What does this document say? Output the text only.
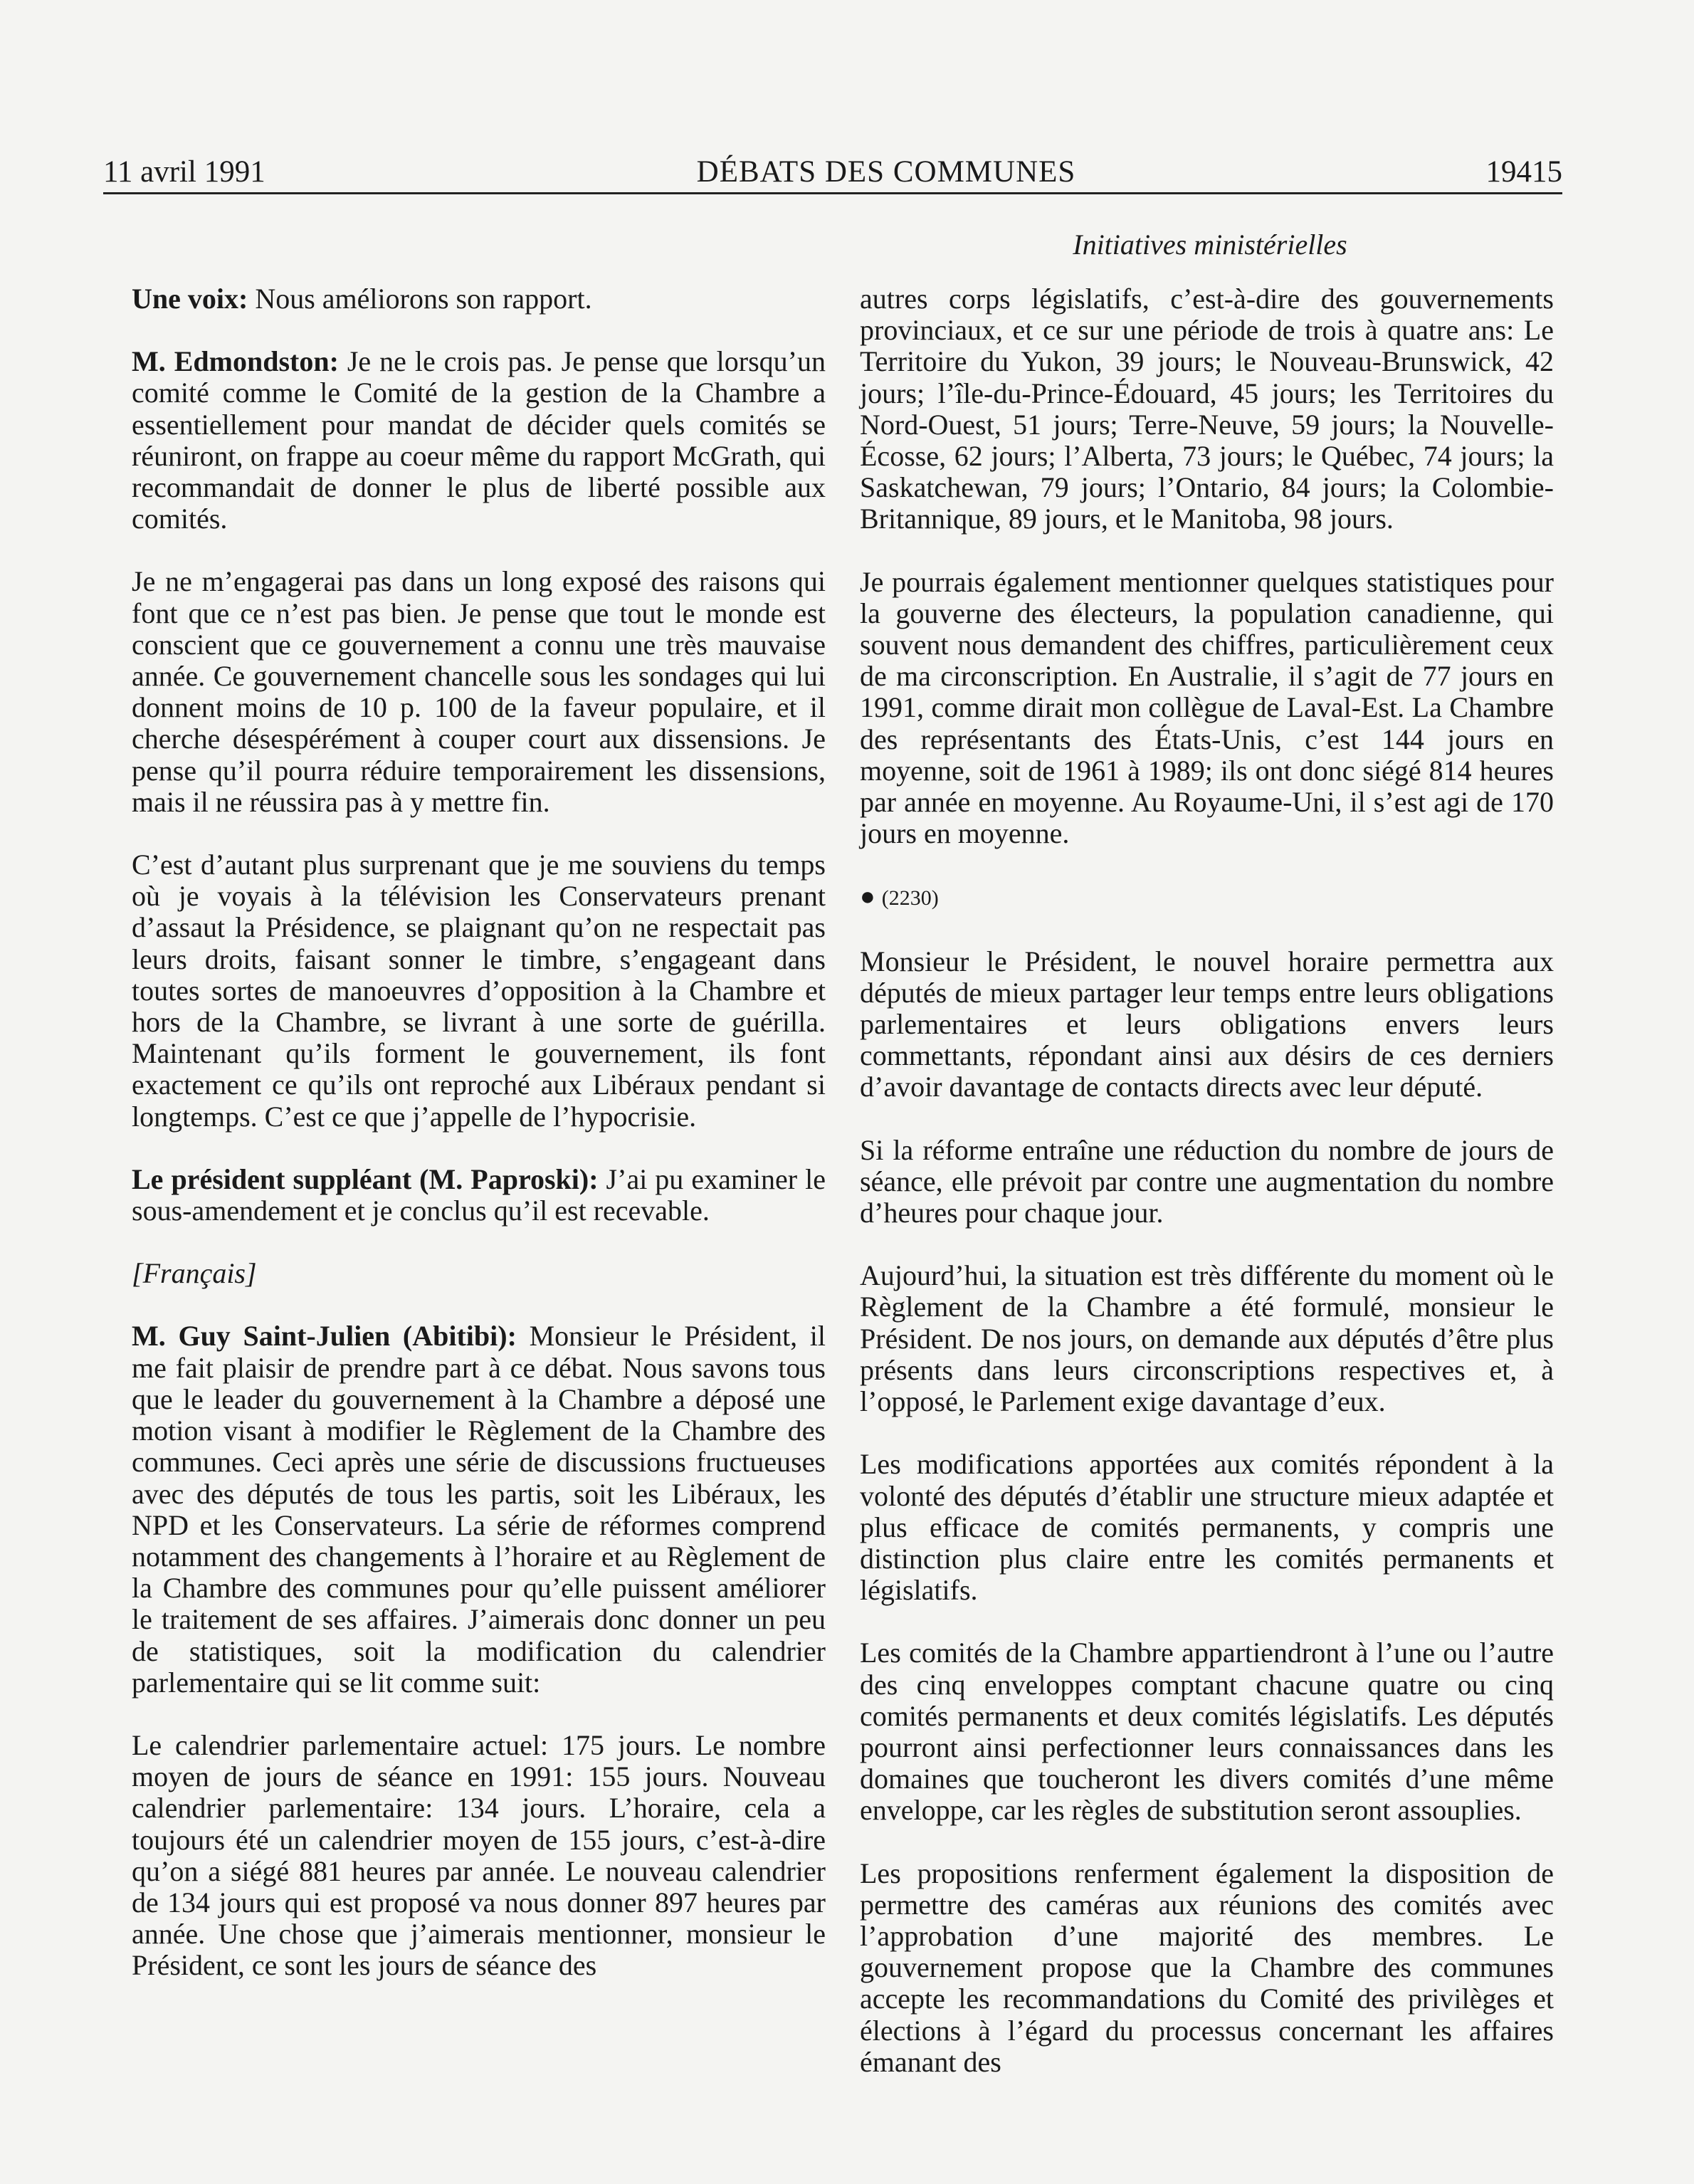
11 avril 1991	DÉBATS DES COMMUNES	19415
Initiatives ministérielles

Une voix: Nous améliorons son rapport.

M. Edmondston: Je ne le crois pas. Je pense que lorsqu’un comité comme le Comité de la gestion de la Chambre a essentiellement pour mandat de décider quels comités se réuniront, on frappe au coeur même du rapport McGrath, qui recommandait de donner le plus de liberté possible aux comités.

Je ne m’engagerai pas dans un long exposé des raisons qui font que ce n’est pas bien. Je pense que tout le monde est conscient que ce gouvernement a connu une très mauvaise année. Ce gouvernement chancelle sous les sondages qui lui donnent moins de 10 p. 100 de la faveur populaire, et il cherche désespérément à couper court aux dissensions. Je pense qu’il pourra réduire temporairement les dissensions, mais il ne réussira pas à y mettre fin.

C’est d’autant plus surprenant que je me souviens du temps où je voyais à la télévision les Conservateurs prenant d’assaut la Présidence, se plaignant qu’on ne respectait pas leurs droits, faisant sonner le timbre, s’engageant dans toutes sortes de manoeuvres d’opposition à la Chambre et hors de la Chambre, se livrant à une sorte de guérilla. Maintenant qu’ils forment le gouvernement, ils font exactement ce qu’ils ont reproché aux Libéraux pendant si longtemps. C’est ce que j’appelle de l’hypocrisie.

Le président suppléant (M. Paproski): J’ai pu examiner le sous-amendement et je conclus qu’il est recevable.

[Français]

M. Guy Saint-Julien (Abitibi): Monsieur le Président, il me fait plaisir de prendre part à ce débat. Nous savons tous que le leader du gouvernement à la Chambre a déposé une motion visant à modifier le Règlement de la Chambre des communes. Ceci après une série de discussions fructueuses avec des députés de tous les partis, soit les Libéraux, les NPD et les Conservateurs. La série de réformes comprend notamment des changements à l’horaire et au Règlement de la Chambre des communes pour qu’elle puissent améliorer le traitement de ses affaires. J’aimerais donc donner un peu de statistiques, soit la modification du calendrier parlementaire qui se lit comme suit:

Le calendrier parlementaire actuel: 175 jours. Le nombre moyen de jours de séance en 1991: 155 jours. Nouveau calendrier parlementaire: 134 jours. L’horaire, cela a toujours été un calendrier moyen de 155 jours, c’est-à-dire qu’on a siégé 881 heures par année. Le nouveau calendrier de 134 jours qui est proposé va nous donner 897 heures par année. Une chose que j’aimerais mentionner, monsieur le Président, ce sont les jours de séance des

autres corps législatifs, c’est-à-dire des gouvernements provinciaux, et ce sur une période de trois à quatre ans: Le Territoire du Yukon, 39 jours; le Nouveau-Brunswick, 42 jours; l’île-du-Prince-Édouard, 45 jours; les Territoires du Nord-Ouest, 51 jours; Terre-Neuve, 59 jours; la Nouvelle-Écosse, 62 jours; l’Alberta, 73 jours; le Québec, 74 jours; la Saskatchewan, 79 jours; l’Ontario, 84 jours; la Colombie-Britannique, 89 jours, et le Manitoba, 98 jours.

Je pourrais également mentionner quelques statistiques pour la gouverne des électeurs, la population canadienne, qui souvent nous demandent des chiffres, particulièrement ceux de ma circonscription. En Australie, il s’agit de 77 jours en 1991, comme dirait mon collègue de Laval-Est. La Chambre des représentants des États-Unis, c’est 144 jours en moyenne, soit de 1961 à 1989; ils ont donc siégé 814 heures par année en moyenne. Au Royaume-Uni, il s’est agi de 170 jours en moyenne.

● (2230)

Monsieur le Président, le nouvel horaire permettra aux députés de mieux partager leur temps entre leurs obligations parlementaires et leurs obligations envers leurs commettants, répondant ainsi aux désirs de ces derniers d’avoir davantage de contacts directs avec leur député.

Si la réforme entraîne une réduction du nombre de jours de séance, elle prévoit par contre une augmentation du nombre d’heures pour chaque jour.

Aujourd’hui, la situation est très différente du moment où le Règlement de la Chambre a été formulé, monsieur le Président. De nos jours, on demande aux députés d’être plus présents dans leurs circonscriptions respectives et, à l’opposé, le Parlement exige davantage d’eux.

Les modifications apportées aux comités répondent à la volonté des députés d’établir une structure mieux adaptée et plus efficace de comités permanents, y compris une distinction plus claire entre les comités permanents et législatifs.

Les comités de la Chambre appartiendront à l’une ou l’autre des cinq enveloppes comptant chacune quatre ou cinq comités permanents et deux comités législatifs. Les députés pourront ainsi perfectionner leurs connaissances dans les domaines que toucheront les divers comités d’une même enveloppe, car les règles de substitution seront assouplies.

Les propositions renferment également la disposition de permettre des caméras aux réunions des comités avec l’approbation d’une majorité des membres. Le gouvernement propose que la Chambre des communes accepte les recommandations du Comité des privilèges et élections à l’égard du processus concernant les affaires émanant des
